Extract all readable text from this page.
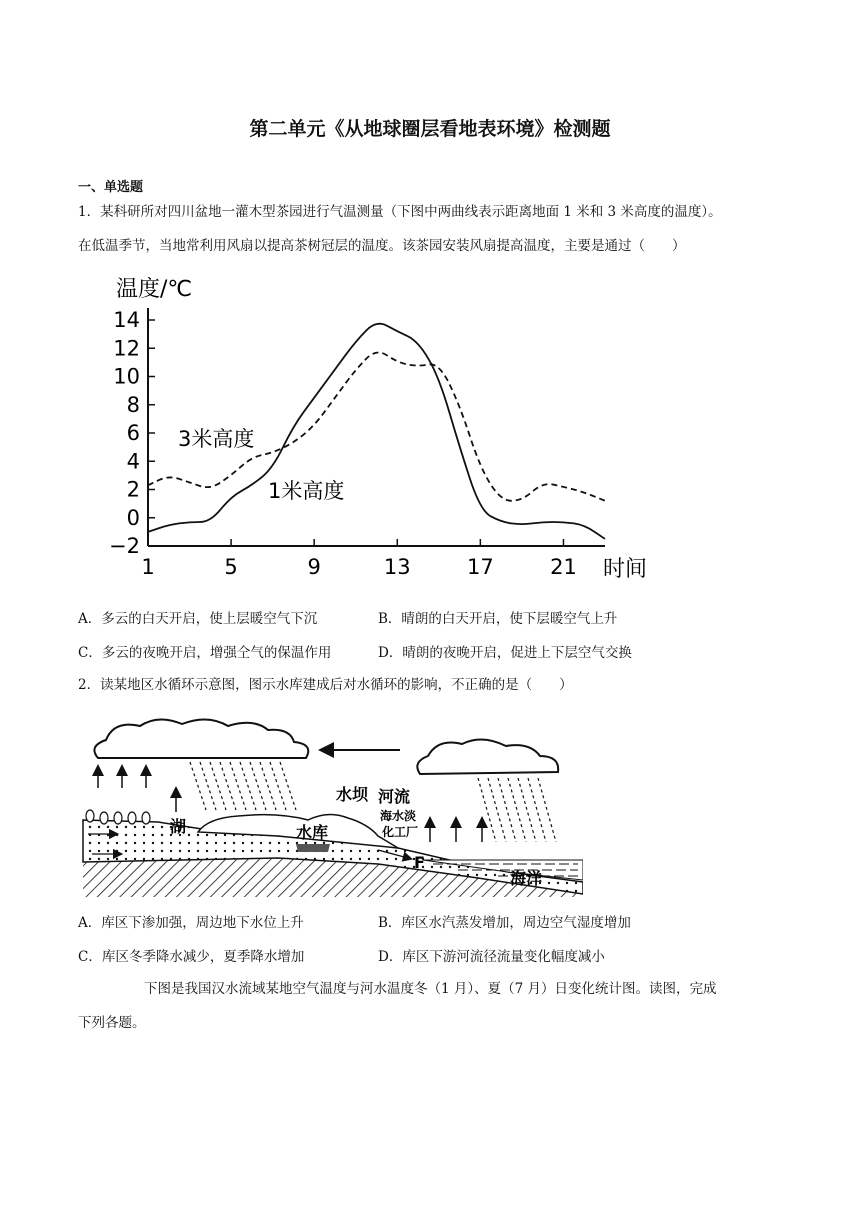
第二单元《从地球圈层看地表环境》检测题
一、单选题
1．某科研所对四川盆地一灌木型茶园进行气温测量（下图中两曲线表示距离地面 1 米和 3 米高度的温度）。
在低温季节，当地常利用风扇以提高茶树冠层的温度。该茶园安装风扇提高温度，主要是通过（　　）
−2
0
2
4
6
8
10
12
14
1	5	9	13	17	21
温度/℃
时间
3米高度
1米高度
A．多云的白天开启，使上层暖空气下沉	B．晴朗的白天开启，使下层暖空气上升
C．多云的夜晚开启，增强仝气的保温作用	D．晴朗的夜晚开启，促进上下层空气交换
2．读某地区水循环示意图，图示水库建成后对水循环的影响，不正确的是（　　）
水坝 河流
海水淡
化工厂
水库
湖
海洋
F
A．库区下渗加强，周边地下水位上升	B．库区水汽蒸发增加，周边空气湿度增加
C．库区冬季降水减少，夏季降水增加	D．库区下游河流径流量变化幅度减小
下图是我国汉水流域某地空气温度与河水温度冬（1 月）、夏（7 月）日变化统计图。读图，完成
下列各题。
